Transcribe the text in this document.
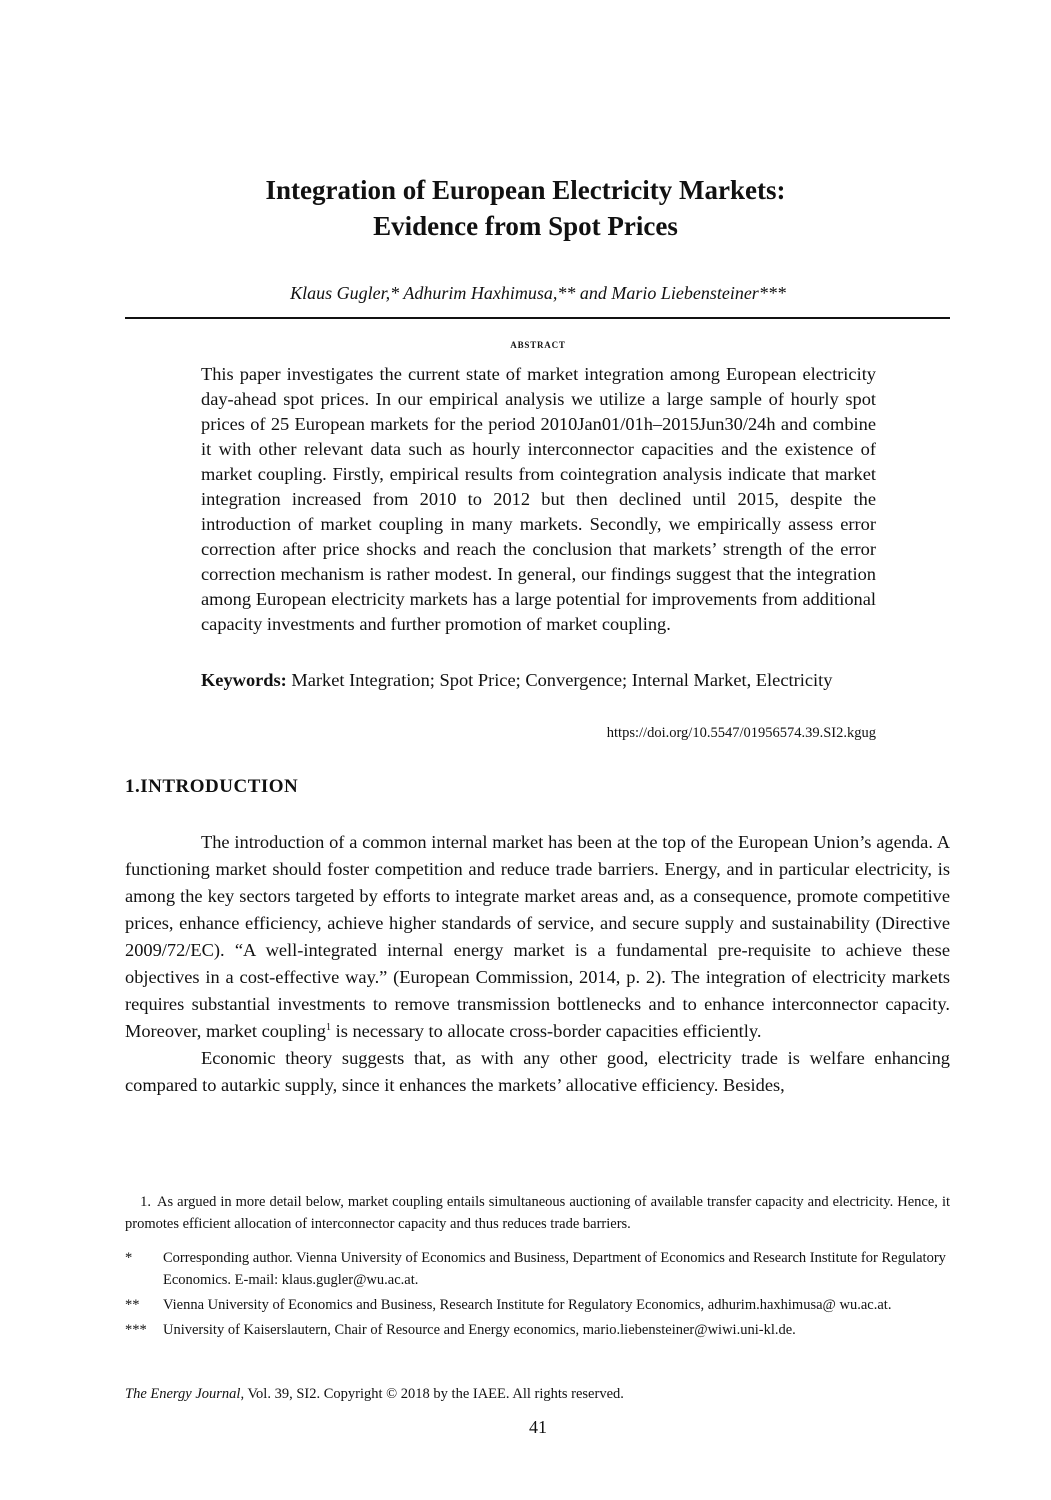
Integration of European Electricity Markets:
Evidence from Spot Prices
Klaus Gugler,* Adhurim Haxhimusa,** and Mario Liebensteiner***
abstract
This paper investigates the current state of market integration among European electricity day-ahead spot prices. In our empirical analysis we utilize a large sample of hourly spot prices of 25 European markets for the period 2010Jan01/01h–2015Jun30/24h and combine it with other relevant data such as hourly interconnector capacities and the existence of market coupling. Firstly, empirical results from cointegration analysis indicate that market integration increased from 2010 to 2012 but then declined until 2015, despite the introduction of market coupling in many markets. Secondly, we empirically assess error correction after price shocks and reach the conclusion that markets’ strength of the error correction mechanism is rather modest. In general, our findings suggest that the integration among European electricity markets has a large potential for improvements from additional capacity investments and further promotion of market coupling.
Keywords: Market Integration; Spot Price; Convergence; Internal Market, Electricity
https://doi.org/10.5547/01956574.39.SI2.kgug
1.INTRODUCTION

The introduction of a common internal market has been at the top of the European Union’s agenda. A functioning market should foster competition and reduce trade barriers. Energy, and in particular electricity, is among the key sectors targeted by efforts to integrate market areas and, as a consequence, promote competitive prices, enhance efficiency, achieve higher standards of service, and secure supply and sustainability (Directive 2009/72/EC). “A well-integrated internal energy market is a fundamental pre-requisite to achieve these objectives in a cost-effective way.” (European Commission, 2014, p. 2). The integration of electricity markets requires substantial investments to remove transmission bottlenecks and to enhance interconnector capacity. Moreover, market coupling$^1$ is necessary to allocate cross-border capacities efficiently.

Economic theory suggests that, as with any other good, electricity trade is welfare enhancing compared to autarkic supply, since it enhances the markets’ allocative efficiency. Besides,

1. As argued in more detail below, market coupling entails simultaneous auctioning of available transfer capacity and electricity. Hence, it promotes efficient allocation of interconnector capacity and thus reduces trade barriers.
*	Corresponding author. Vienna University of Economics and Business, Department of Economics and Research Institute for Regulatory Economics. E-mail: klaus.gugler@wu.ac.at.
**	Vienna University of Economics and Business, Research Institute for Regulatory Economics, adhurim.haxhimusa@ wu.ac.at.
***	University of Kaiserslautern, Chair of Resource and Energy economics, mario.liebensteiner@wiwi.uni-kl.de.
The Energy Journal, Vol. 39, SI2. Copyright © 2018 by the IAEE. All rights reserved.
41
